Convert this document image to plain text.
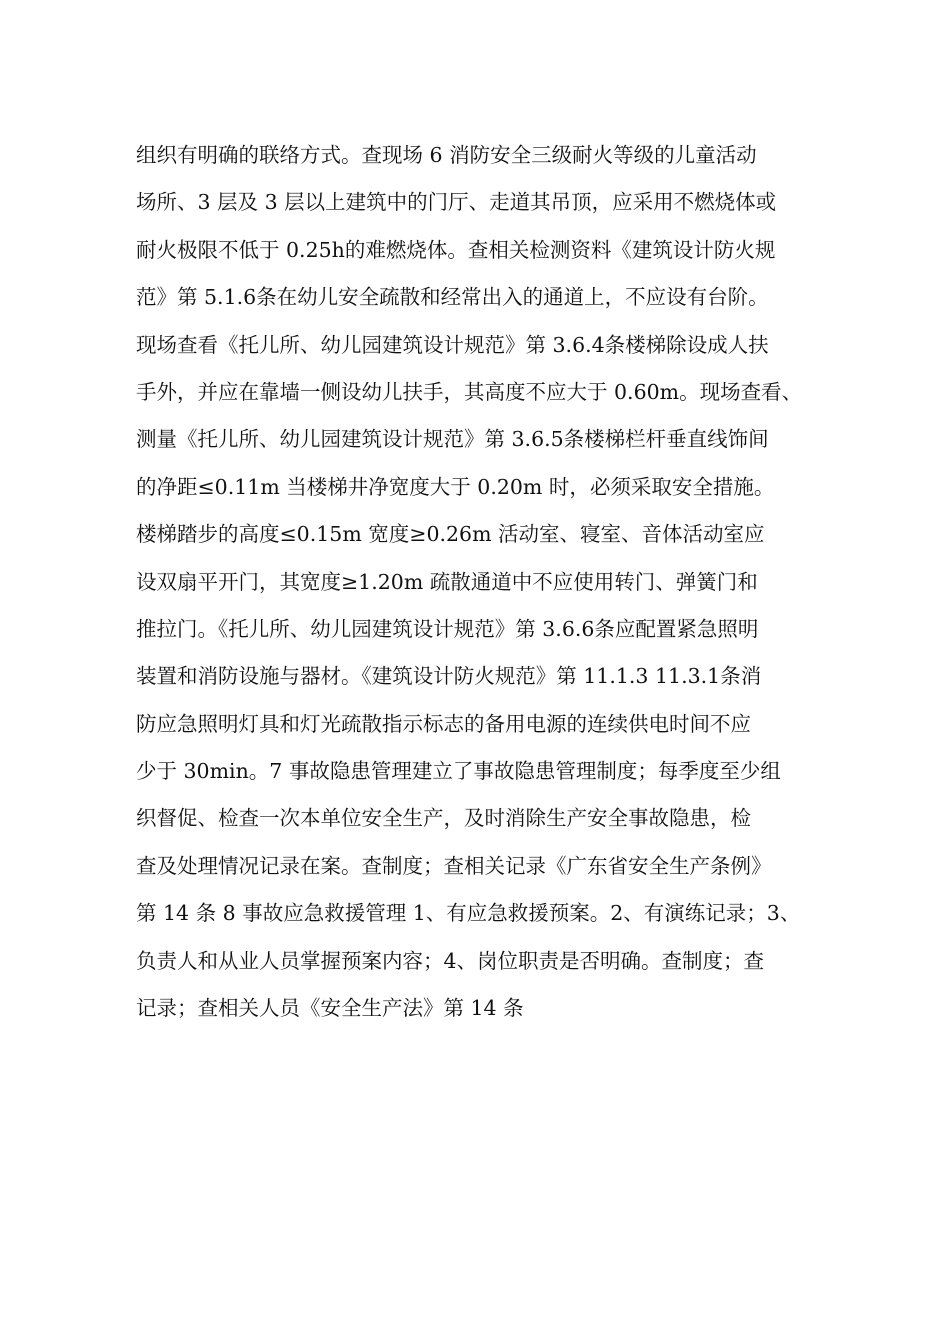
组织有明确的联络方式。查现场 6 消防安全三级耐火等级的儿童活动
场所、3 层及 3 层以上建筑中的门厅、走道其吊顶，应采用不燃烧体或
耐火极限不低于 0.25h的难燃烧体。查相关检测资料《建筑设计防火规
范》第 5.1.6条在幼儿安全疏散和经常出入的通道上，不应设有台阶。
现场查看《托儿所、幼儿园建筑设计规范》第 3.6.4条楼梯除设成人扶
手外，并应在靠墙一侧设幼儿扶手，其高度不应大于 0.60m。现场查看、
测量《托儿所、幼儿园建筑设计规范》第 3.6.5条楼梯栏杆垂直线饰间
的净距≤0.11m 当楼梯井净宽度大于 0.20m 时，必须采取安全措施。
楼梯踏步的高度≤0.15m 宽度≥0.26m 活动室、寝室、音体活动室应
设双扇平开门，其宽度≥1.20m 疏散通道中不应使用转门、弹簧门和
推拉门。《托儿所、幼儿园建筑设计规范》第 3.6.6条应配置紧急照明
装置和消防设施与器材。《建筑设计防火规范》第 11.1.3 11.3.1条消
防应急照明灯具和灯光疏散指示标志的备用电源的连续供电时间不应
少于 30min。7 事故隐患管理建立了事故隐患管理制度；每季度至少组
织督促、检查一次本单位安全生产，及时消除生产安全事故隐患，检
查及处理情况记录在案。查制度；查相关记录《广东省安全生产条例》
第 14 条 8 事故应急救援管理 1、有应急救援预案。2、有演练记录；3、
负责人和从业人员掌握预案内容；4、岗位职责是否明确。查制度；查
记录；查相关人员《安全生产法》第 14 条
